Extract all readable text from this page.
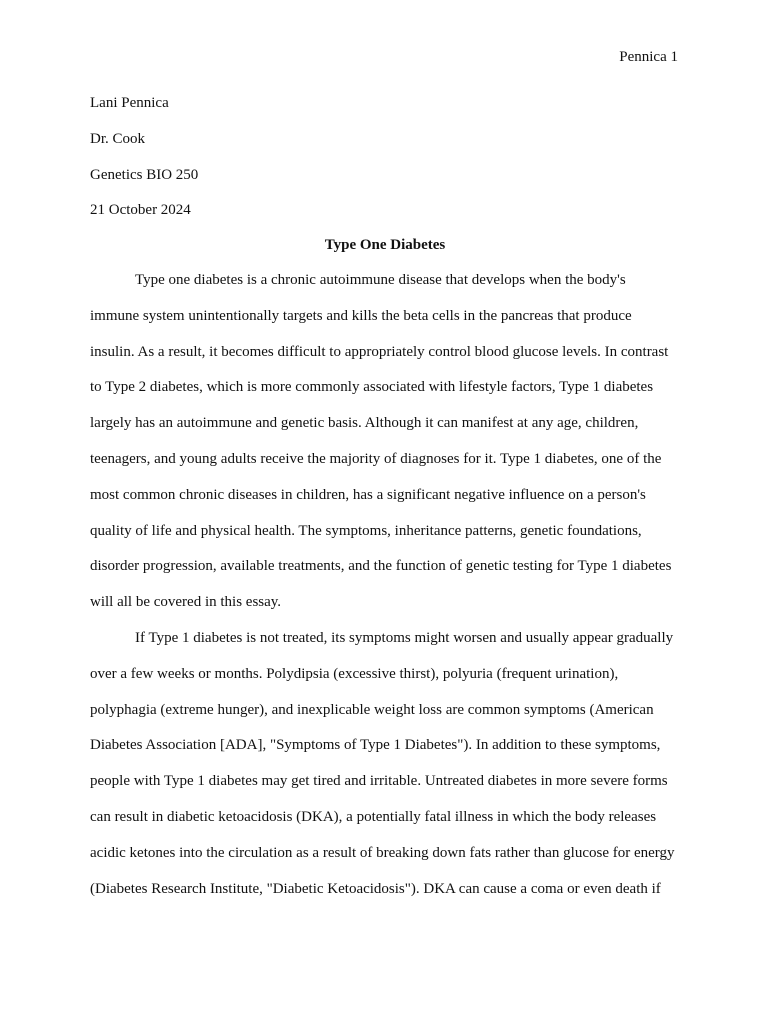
Pennica 1
Lani Pennica
Dr. Cook
Genetics BIO 250
21 October 2024
Type One Diabetes
Type one diabetes is a chronic autoimmune disease that develops when the body's
immune system unintentionally targets and kills the beta cells in the pancreas that produce
insulin. As a result, it becomes difficult to appropriately control blood glucose levels. In contrast
to Type 2 diabetes, which is more commonly associated with lifestyle factors, Type 1 diabetes
largely has an autoimmune and genetic basis. Although it can manifest at any age, children,
teenagers, and young adults receive the majority of diagnoses for it. Type 1 diabetes, one of the
most common chronic diseases in children, has a significant negative influence on a person's
quality of life and physical health. The symptoms, inheritance patterns, genetic foundations,
disorder progression, available treatments, and the function of genetic testing for Type 1 diabetes
will all be covered in this essay.
If Type 1 diabetes is not treated, its symptoms might worsen and usually appear gradually
over a few weeks or months. Polydipsia (excessive thirst), polyuria (frequent urination),
polyphagia (extreme hunger), and inexplicable weight loss are common symptoms (American
Diabetes Association [ADA], "Symptoms of Type 1 Diabetes"). In addition to these symptoms,
people with Type 1 diabetes may get tired and irritable. Untreated diabetes in more severe forms
can result in diabetic ketoacidosis (DKA), a potentially fatal illness in which the body releases
acidic ketones into the circulation as a result of breaking down fats rather than glucose for energy
(Diabetes Research Institute, "Diabetic Ketoacidosis"). DKA can cause a coma or even death if
